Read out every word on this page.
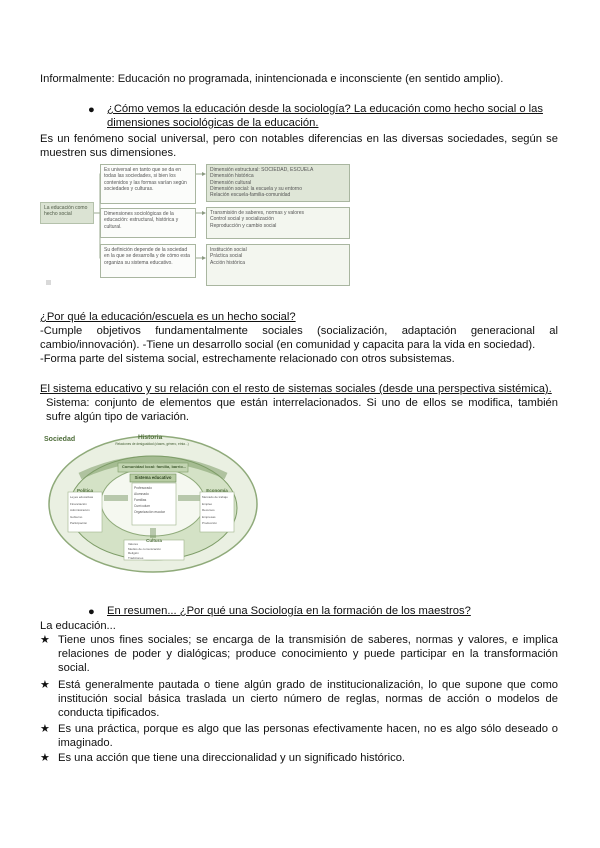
Informalmente: Educación no programada, inintencionada e inconsciente (en sentido amplio).
● ¿Cómo vemos la educación desde la sociología? La educación como hecho social o las dimensiones sociológicas de la educación.
Es un fenómeno social universal, pero con notables diferencias en las diversas sociedades, según se muestren sus dimensiones.
La educación como hecho social
Es universal en tanto que se da en todas las sociedades, si bien los contenidos y las formas varían según sociedades y culturas.
Dimensiones sociológicas de la educación: estructural, histórica y cultural.
Su definición depende de la sociedad en la que se desarrolla y de cómo esta organiza su sistema educativo.
Dimensión estructural: SOCIEDAD, ESCUELA
Dimensión histórica
Dimensión cultural
Dimensión social: la escuela y su entorno
Relación escuela-familia-comunidad
Transmisión de saberes, normas y valores
Control social y socialización
Reproducción y cambio social
Institución social
Práctica social
Acción histórica
¿Por qué la educación/escuela es un hecho social?
-Cumple objetivos fundamentalmente sociales (socialización, adaptación generacional al cambio/innovación). -Tiene un desarrollo social (en comunidad y capacita para la vida en sociedad).
-Forma parte del sistema social, estrechamente relacionado con otros subsistemas.
El sistema educativo y su relación con el resto de sistemas sociales (desde una perspectiva sistémica).
Sistema: conjunto de elementos que están interrelacionados. Si uno de ellos se modifica, también sufre algún tipo de variación.
Sociedad	Historia
Relaciones de desigualdad (clases, género, etnia...)
Comunidad local: familia, barrio...
Sistema educativo
Profesorado
Alumnado
Familias
Currículum
Organización escolar
Política
Leyes educativas
Financiación
Administración
Gobierno
Participación
Economía
Mercado de trabajo
Empleo
Recursos
Empresas
Producción
Cultura
Valores
Medios de comunicación
Religión
Tradiciones
● En resumen... ¿Por qué una Sociología en la formación de los maestros?
La educación...
★ Tiene unos fines sociales; se encarga de la transmisión de saberes, normas y valores, e implica relaciones de poder y dialógicas; produce conocimiento y puede participar en la transformación social.
★ Está generalmente pautada o tiene algún grado de institucionalización, lo que supone que como institución social básica traslada un cierto número de reglas, normas de acción o modelos de conducta tipificados.
★ Es una práctica, porque es algo que las personas efectivamente hacen, no es algo sólo deseado o imaginado.
★ Es una acción que tiene una direccionalidad y un significado histórico.
